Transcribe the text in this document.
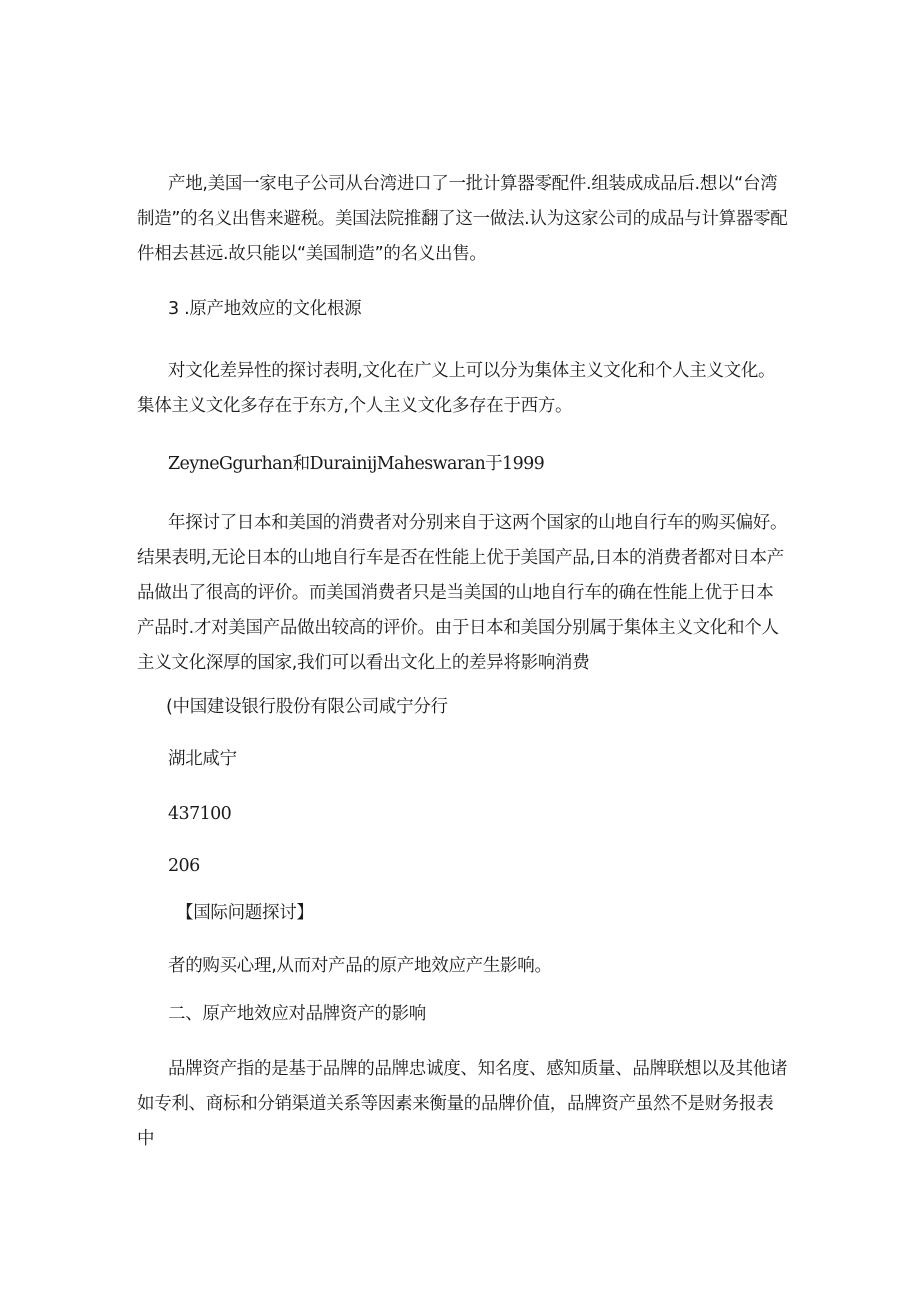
产地,美国一家电子公司从台湾进口了一批计算器零配件.组装成成品后.想以“台湾制造”的名义出售来避税。美国法院推翻了这一做法.认为这家公司的成品与计算器零配件相去甚远.故只能以“美国制造”的名义出售。

3 .原产地效应的文化根源

对文化差异性的探讨表明,文化在广义上可以分为集体主义文化和个人主义文化。集体主义文化多存在于东方,个人主义文化多存在于西方。

ZeyneGgurhan和DurainijMaheswaran于1999

年探讨了日本和美国的消费者对分别来自于这两个国家的山地自行车的购买偏好。结果表明,无论日本的山地自行车是否在性能上优于美国产品,日本的消费者都对日本产品做出了很高的评价。而美国消费者只是当美国的山地自行车的确在性能上优于日本产品时.才对美国产品做出较高的评价。由于日本和美国分别属于集体主义文化和个人主义文化深厚的国家,我们可以看出文化上的差异将影响消费

(中国建设银行股份有限公司咸宁分行

湖北咸宁

437100

206

【国际问题探讨】

者的购买心理,从而对产品的原产地效应产生影响。

二、原产地效应对品牌资产的影响

品牌资产指的是基于品牌的品牌忠诚度、知名度、感知质量、品牌联想以及其他诸如专利、商标和分销渠道关系等因素来衡量的品牌价值，品牌资产虽然不是财务报表中
